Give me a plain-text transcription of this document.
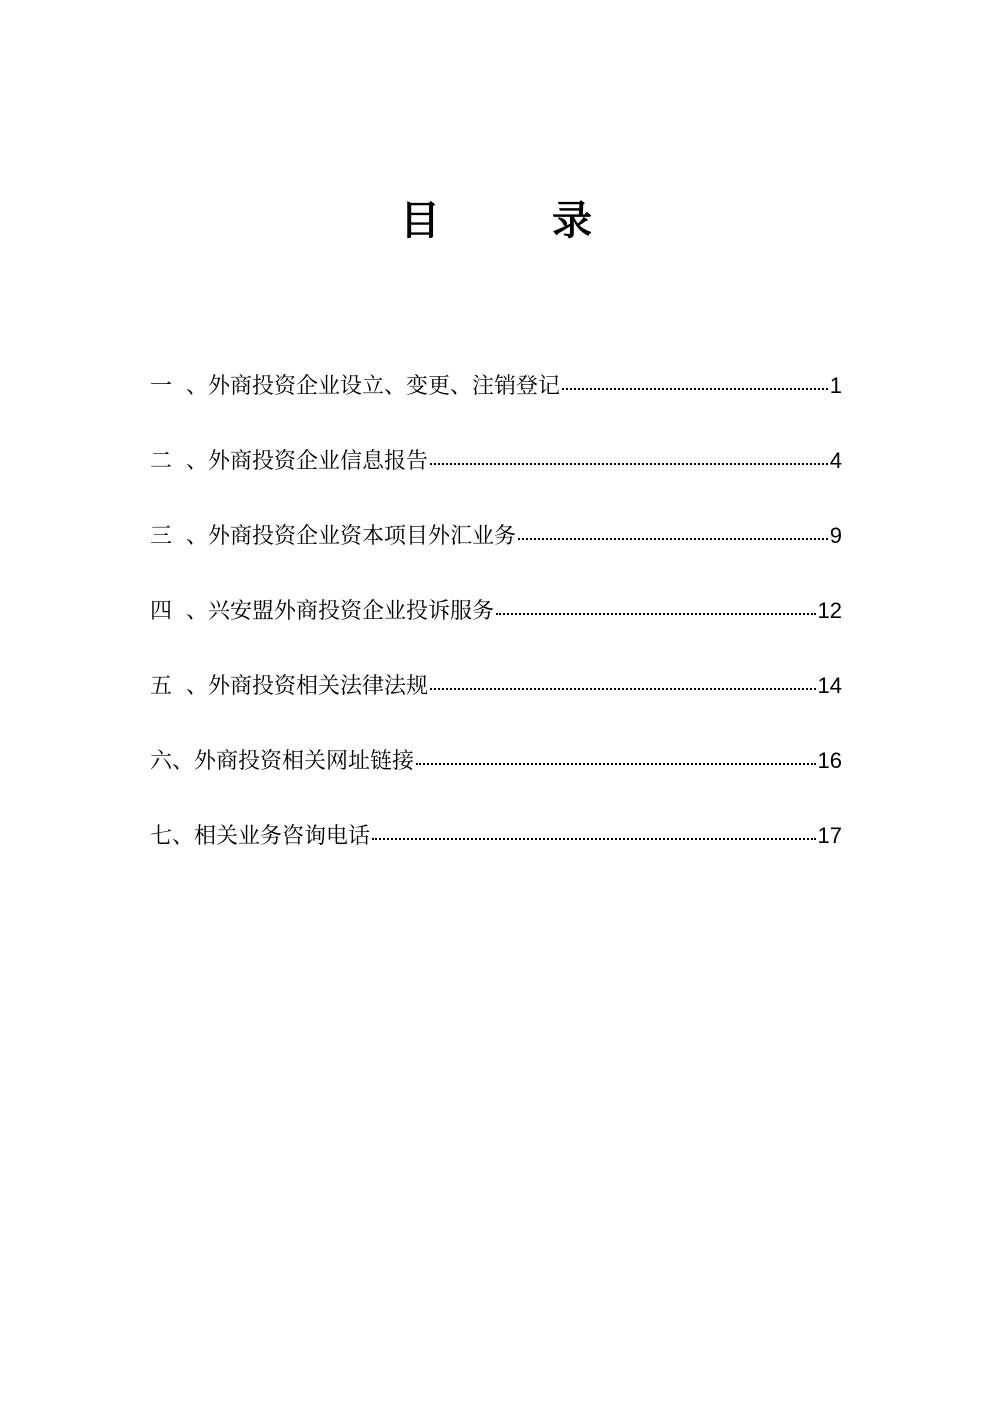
目　录
一 、外商投资企业设立、变更、注销登记	1
二 、外商投资企业信息报告	4
三 、外商投资企业资本项目外汇业务	9
四 、兴安盟外商投资企业投诉服务	12
五 、外商投资相关法律法规	14
六 、外商投资相关网址链接	16
七 、相关业务咨询电话	17
